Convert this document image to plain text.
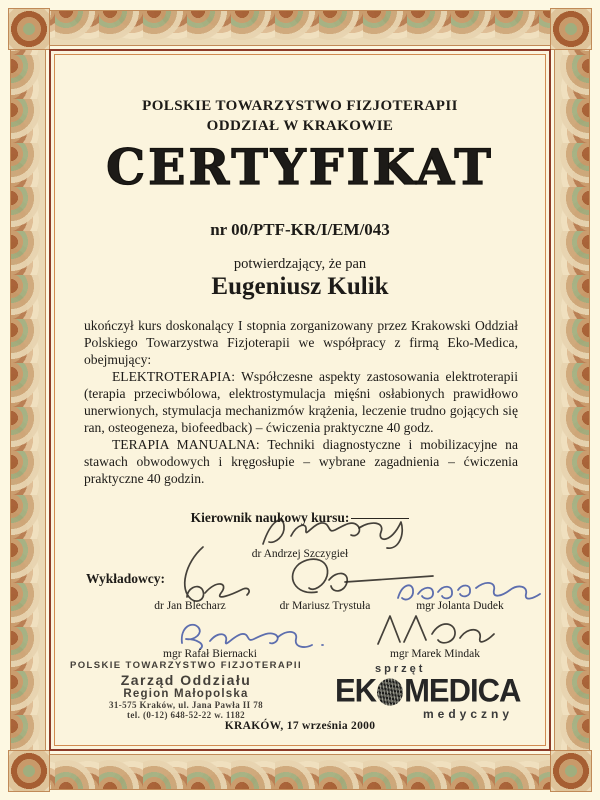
POLSKIE TOWARZYSTWO FIZJOTERAPII
ODDZIAŁ W KRAKOWIE
CERTYFIKAT
nr 00/PTF-KR/I/EM/043
potwierdzający, że pan
Eugeniusz Kulik

ukończył kurs doskonalący I stopnia zorganizowany przez Krakowski Oddział Polskiego Towarzystwa Fizjoterapii we współpracy z firmą Eko-Medica, obejmujący:

ELEKTROTERAPIA: Współczesne aspekty zastosowania elektroterapii (terapia przeciwbólowa, elektrostymulacja mięśni osłabionych prawidłowo unerwionych, stymulacja mechanizmów krążenia, leczenie trudno gojących się ran, osteogeneza, biofeedback) – ćwiczenia praktyczne 40 godz.

TERAPIA MANUALNA: Techniki diagnostyczne i mobilizacyjne na stawach obwodowych i kręgosłupie – wybrane zagadnienia – ćwiczenia praktyczne 40 godzin.

Kierownik naukowy kursu:
dr Andrzej Szczygieł
Wykładowcy:
dr Jan Blecharz	dr Mariusz Trystuła	mgr Jolanta Dudek
mgr Rafał Biernacki	mgr Marek Mindak
POLSKIE TOWARZYSTWO FIZJOTERAPII
Zarząd Oddziału
Region Małopolska
31-575 Kraków, ul. Jana Pawła II 78
tel. (0-12) 648-52-22 w. 1182
sprzęt
EK MEDICA
medyczny
KRAKÓW, 17 września 2000
